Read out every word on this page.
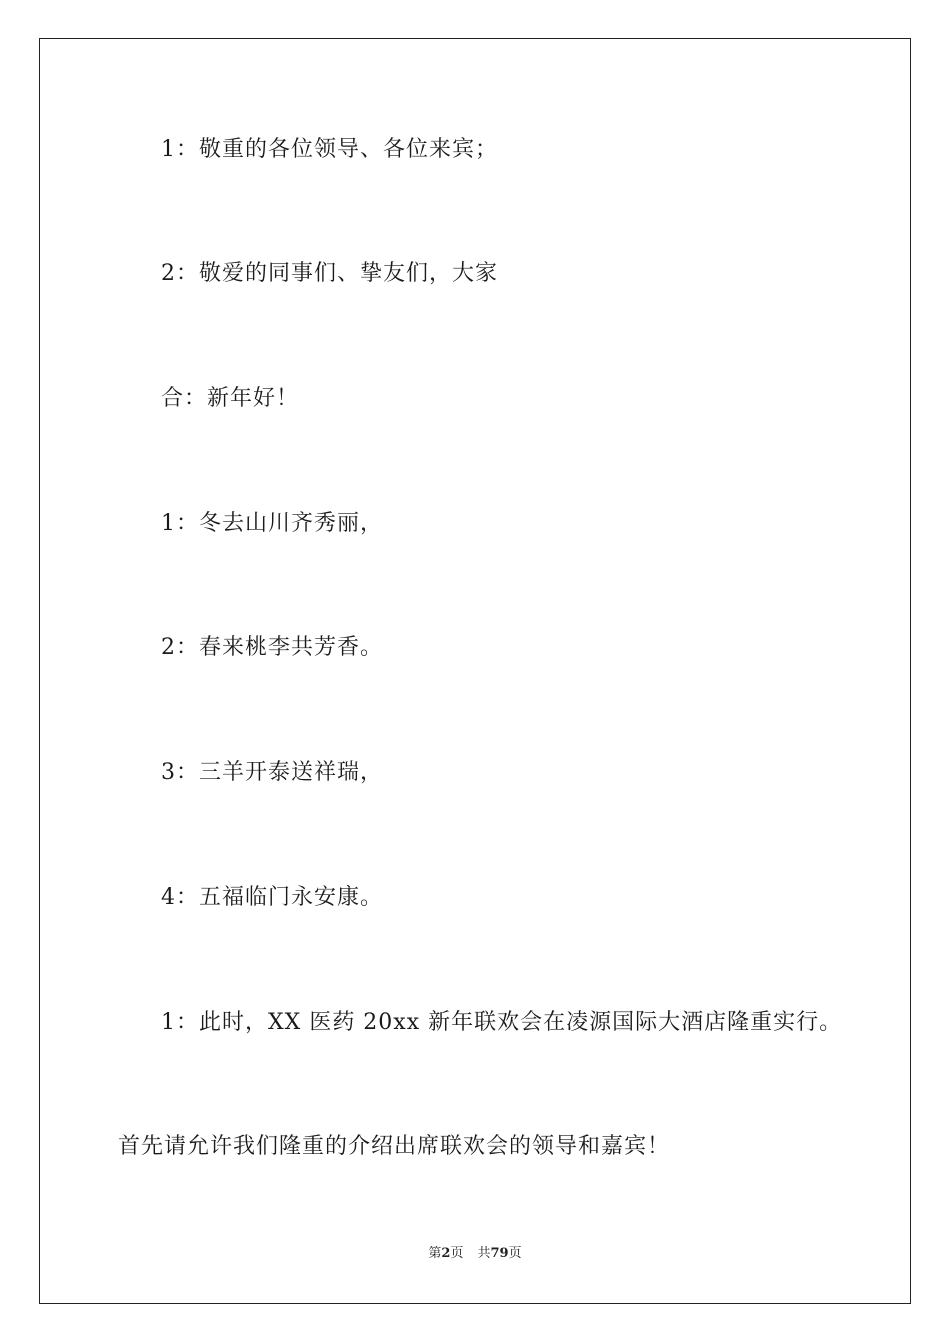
1：敬重的各位领导、各位来宾；
2：敬爱的同事们、挚友们，大家
合：新年好！
1：冬去山川齐秀丽，
2：春来桃李共芳香。
3：三羊开泰送祥瑞，
4：五福临门永安康。
1：此时，XX 医药 20xx 新年联欢会在凌源国际大酒店隆重实行。
首先请允许我们隆重的介绍出席联欢会的领导和嘉宾！
第2页 共79页
